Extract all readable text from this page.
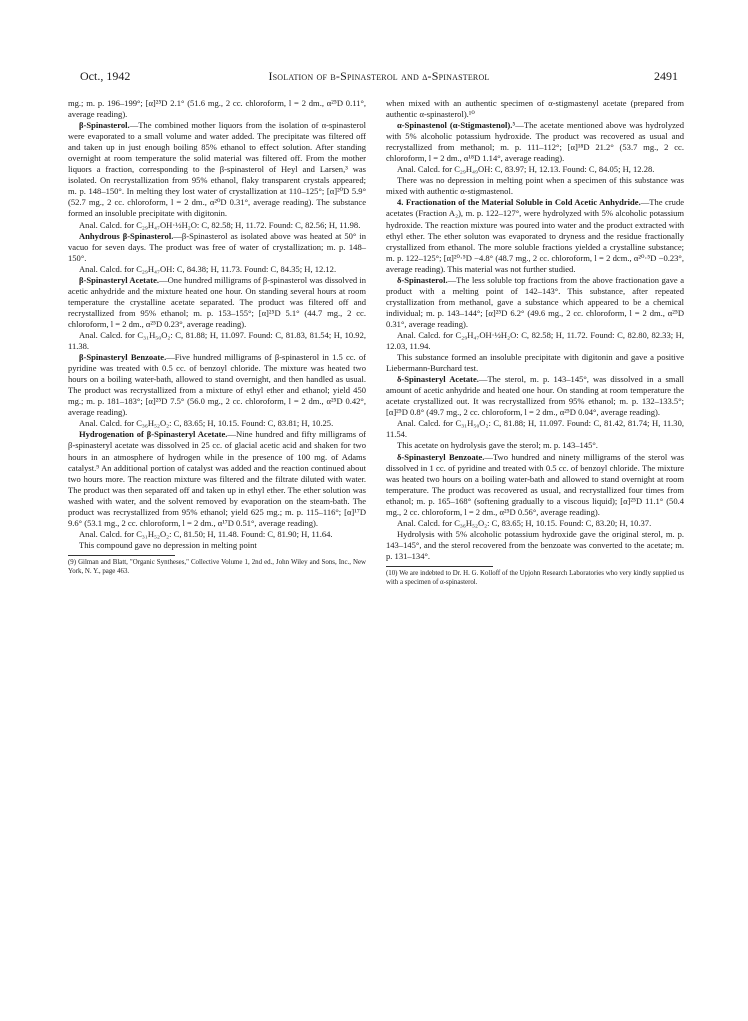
Isolation of β-Spinasterol and δ-Spinasterol
Oct., 1942	2491

mg.; m. p. 196–199°; [α]²⁵D 2.1° (51.6 mg., 2 cc. chloroform, l = 2 dm., α²⁵D 0.11°, average reading).

β-Spinasterol.—The combined mother liquors from the isolation of α-spinasterol were evaporated to a small volume and water added. The precipitate was filtered off and taken up in just enough boiling 85% ethanol to effect solution. After standing overnight at room temperature the solid material was filtered off. From the mother liquors a fraction, corresponding to the β-spinasterol of Heyl and Larsen,³ was isolated. On recrystallization from 95% ethanol, flaky transparent crystals appeared; m. p. 148–150°. In melting they lost water of crystallization at 110–125°; [α]²⁰D 5.9° (52.7 mg., 2 cc. chloroform, l = 2 dm., α²⁰D 0.31°, average reading). The substance formed an insoluble precipitate with digitonin.

Anal. Calcd. for C₂₉H₄₇OH·½H₂O: C, 82.58; H, 11.72. Found: C, 82.56; H, 11.98.

Anhydrous β-Spinasterol.—β-Spinasterol as isolated above was heated at 50° in vacuo for seven days. The product was free of water of crystallization; m. p. 148–150°.

Anal. Calcd. for C₂₉H₄₇OH: C, 84.38; H, 11.73. Found: C, 84.35; H, 12.12.

β-Spinasteryl Acetate.—One hundred milligrams of β-spinasterol was dissolved in acetic anhydride and the mixture heated one hour. On standing several hours at room temperature the crystalline acetate separated. The product was filtered off and recrystallized from 95% ethanol; m. p. 153–155°; [α]²⁵D 5.1° (44.7 mg., 2 cc. chloroform, l = 2 dm., α²⁵D 0.23°, average reading).

Anal. Calcd. for C₃₁H₅₀O₂: C, 81.88; H, 11.097. Found: C, 81.83, 81.54; H, 10.92, 11.38.

β-Spinasteryl Benzoate.—Five hundred milligrams of β-spinasterol in 1.5 cc. of pyridine was treated with 0.5 cc. of benzoyl chloride. The mixture was heated two hours on a boiling water-bath, allowed to stand overnight, and then handled as usual. The product was recrystallized from a mixture of ethyl ether and ethanol; yield 450 mg.; m. p. 181–183°; [α]²⁵D 7.5° (56.0 mg., 2 cc. chloroform, l = 2 dm., α²⁵D 0.42°, average reading).

Anal. Calcd. for C₃₆H₅₂O₂: C, 83.65; H, 10.15. Found: C, 83.81; H, 10.25.

Hydrogenation of β-Spinasteryl Acetate.—Nine hundred and fifty milligrams of β-spinasteryl acetate was dissolved in 25 cc. of glacial acetic acid and shaken for two hours in an atmosphere of hydrogen while in the presence of 100 mg. of Adams catalyst.⁹ An additional portion of catalyst was added and the reaction continued about two hours more. The reaction mixture was filtered and the filtrate diluted with water. The product was then separated off and taken up in ethyl ether. The ether solution was washed with water, and the solvent removed by evaporation on the steam-bath. The product was recrystallized from 95% ethanol; yield 625 mg.; m. p. 115–116°; [α]¹⁷D 9.6° (53.1 mg., 2 cc. chloroform, l = 2 dm., α¹⁷D 0.51°, average reading).

Anal. Calcd. for C₃₁H₅₂O₂: C, 81.50; H, 11.48. Found: C, 81.90; H, 11.64.

This compound gave no depression in melting point

(9) Gilman and Blatt, "Organic Syntheses," Collective Volume 1, 2nd ed., John Wiley and Sons, Inc., New York, N. Y., page 463.

when mixed with an authentic specimen of α-stigmastenyl acetate (prepared from authentic α-spinasterol).¹⁰

α-Spinastenol (α-Stigmastenol).⁵—The acetate mentioned above was hydrolyzed with 5% alcoholic potassium hydroxide. The product was recovered as usual and recrystallized from methanol; m. p. 111–112°; [α]¹⁸D 21.2° (53.7 mg., 2 cc. chloroform, l = 2 dm., α¹⁸D 1.14°, average reading).

Anal. Calcd. for C₂₉H₄₉OH: C, 83.97; H, 12.13. Found: C, 84.05; H, 12.28.

There was no depression in melting point when a specimen of this substance was mixed with authentic α-stigmastenol.

4. Fractionation of the Material Soluble in Cold Acetic Anhydride.—The crude acetates (Fraction A₂), m. p. 122–127°, were hydrolyzed with 5% alcoholic potassium hydroxide. The reaction mixture was poured into water and the product extracted with ethyl ether. The ether soluton was evaporated to dryness and the residue fractionally crystallized from ethanol. The more soluble fractions yielded a crystalline substance; m. p. 122–125°; [α]²⁰·⁵D −4.8° (48.7 mg., 2 cc. chloroform, l = 2 dcm., α²⁰·⁵D −0.23°, average reading). This material was not further studied.

δ-Spinasterol.—The less soluble top fractions from the above fractionation gave a product with a melting point of 142–143°. This substance, after repeated crystallization from methanol, gave a substance which appeared to be a chemical individual; m. p. 143–144°; [α]²⁵D 6.2° (49.6 mg., 2 cc. chloroform, l = 2 dm., α²⁵D 0.31°, average reading).

Anal. Calcd. for C₂₉H₄₇OH·½H₂O: C, 82.58; H, 11.72. Found: C, 82.80, 82.33; H, 12.03, 11.94.

This substance formed an insoluble precipitate with digitonin and gave a positive Liebermann-Burchard test.

δ-Spinasteryl Acetate.—The sterol, m. p. 143–145°, was dissolved in a small amount of acetic anhydride and heated one hour. On standing at room temperature the acetate crystallized out. It was recrystallized from 95% ethanol; m. p. 132–133.5°; [α]²⁵D 0.8° (49.7 mg., 2 cc. chloroform, l = 2 dm., α²⁵D 0.04°, average reading).

Anal. Calcd. for C₃₁H₅₀O₂: C, 81.88; H, 11.097. Found: C, 81.42, 81.74; H, 11.30, 11.54.

This acetate on hydrolysis gave the sterol; m. p. 143–145°.

δ-Spinasteryl Benzoate.—Two hundred and ninety milligrams of the sterol was dissolved in 1 cc. of pyridine and treated with 0.5 cc. of benzoyl chloride. The mixture was heated two hours on a boiling water-bath and allowed to stand overnight at room temperature. The product was recovered as usual, and recrystallized four times from ethanol; m. p. 165–168° (softening gradually to a viscous liquid); [α]²⁵D 11.1° (50.4 mg., 2 cc. chloroform, l = 2 dm., α²⁵D 0.56°, average reading).

Anal. Calcd. for C₃₆H₅₂O₂: C, 83.65; H, 10.15. Found: C, 83.20; H, 10.37.

Hydrolysis with 5% alcoholic potassium hydroxide gave the original sterol, m. p. 143–145°, and the sterol recovered from the benzoate was converted to the acetate; m. p. 131–134°.

(10) We are indebted to Dr. H. G. Kolloff of the Upjohn Research Laboratories who very kindly supplied us with a specimen of α-spinasterol.
